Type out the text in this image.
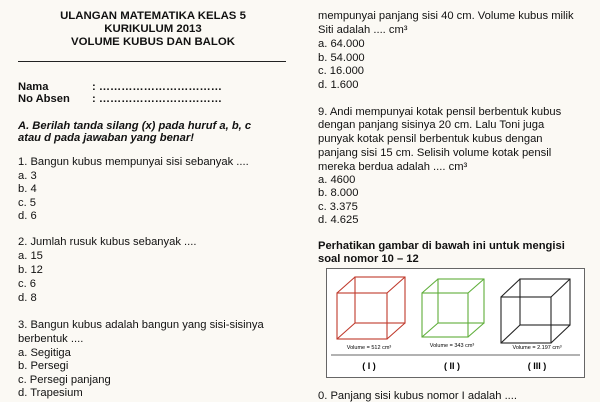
ULANGAN MATEMATIKA KELAS 5
KURIKULUM 2013
VOLUME KUBUS DAN BALOK
Nama	: ……………………………
No Absen : ……………………………
A. Berilah tanda silang (x) pada huruf a, b, c
atau d pada jawaban yang benar!
1. Bangun kubus mempunyai sisi sebanyak ....
a. 3
b. 4
c. 5
d. 6
2. Jumlah rusuk kubus sebanyak ....
a. 15
b. 12
c. 6
d. 8
3. Bangun kubus adalah bangun yang sisi-sisinya
berbentuk ....
a. Segitiga
b. Persegi
c. Persegi panjang
d. Trapesium
mempunyai panjang sisi 40 cm. Volume kubus milik
Siti adalah .... cm³
a. 64.000
b. 54.000
c. 16.000
d. 1.600
9. Andi mempunyai kotak pensil berbentuk kubus
dengan panjang sisinya 20 cm. Lalu Toni juga
punyak kotak pensil berbentuk kubus dengan
panjang sisi 15 cm. Selisih volume kotak pensil
mereka berdua adalah .... cm³
a. 4600
b. 8.000
c. 3.375
d. 4.625
Perhatikan gambar di bawah ini untuk mengisi
soal nomor 10 – 12
Volume = 512 cm³	Volume = 343 cm³	Volume = 2.197 cm³
( I )	( II )	( III )
0. Panjang sisi kubus nomor I adalah ....
